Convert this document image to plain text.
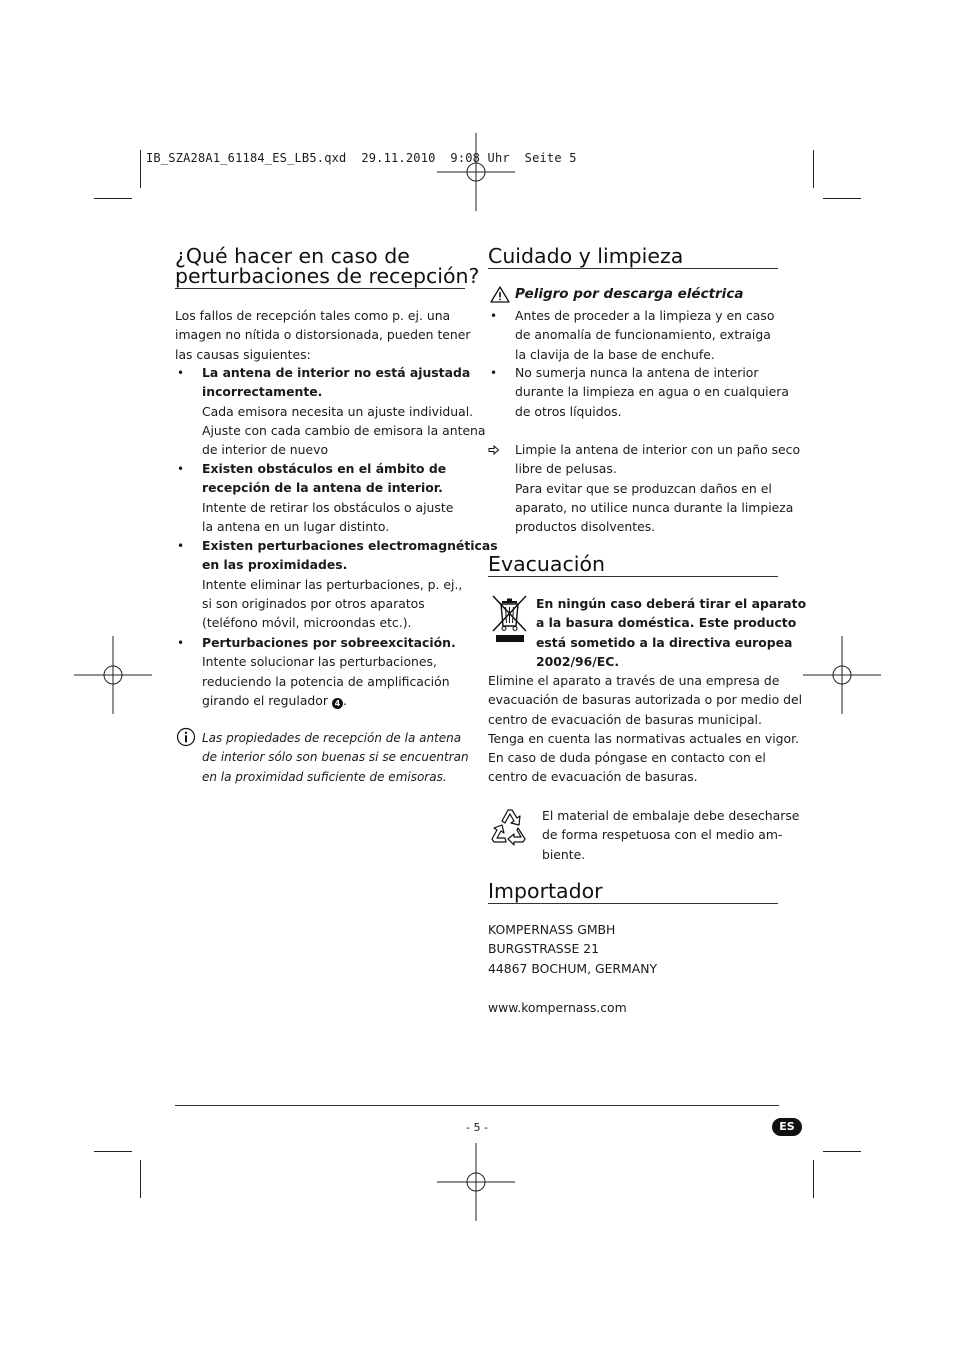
IB_SZA28A1_61184_ES_LB5.qxd  29.11.2010  9:08 Uhr  Seite 5
¿Qué hacer en caso de
perturbaciones de recepción?
Los fallos de recepción tales como p. ej. una
imagen no nítida o distorsionada, pueden tener
las causas siguientes:
• La antena de interior no está ajustada
incorrectamente.
Cada emisora necesita un ajuste individual.
Ajuste con cada cambio de emisora la antena
de interior de nuevo
• Existen obstáculos en el ámbito de
recepción de la antena de interior.
Intente de retirar los obstáculos o ajuste
la antena en un lugar distinto.
• Existen perturbaciones electromagnéticas
en las proximidades.
Intente eliminar las perturbaciones, p. ej.,
si son originados por otros aparatos
(teléfono móvil, microondas etc.).
• Perturbaciones por sobreexcitación.
Intente solucionar las perturbaciones,
reduciendo la potencia de amplificación
girando el regulador 4 .
Las propiedades de recepción de la antena
de interior sólo son buenas si se encuentran
en la proximidad suficiente de emisoras.
Cuidado y limpieza
Peligro por descarga eléctrica
• Antes de proceder a la limpieza y en caso
de anomalía de funcionamiento, extraiga
la clavija de la base de enchufe.
• No sumerja nunca la antena de interior
durante la limpieza en agua o en cualquiera
de otros líquidos.
Limpie la antena de interior con un paño seco
libre de pelusas.
Para evitar que se produzcan daños en el
aparato, no utilice nunca durante la limpieza
productos disolventes.
Evacuación
En ningún caso deberá tirar el aparato
a la basura doméstica. Este producto
está sometido a la directiva europea
2002/96/EC.
Elimine el aparato a través de una empresa de
evacuación de basuras autorizada o por medio del
centro de evacuación de basuras municipal.
Tenga en cuenta las normativas actuales en vigor.
En caso de duda póngase en contacto con el
centro de evacuación de basuras.
El material de embalaje debe desecharse
de forma respetuosa con el medio am-
biente.
Importador
KOMPERNASS GMBH
BURGSTRASSE 21
44867 BOCHUM, GERMANY
www.kompernass.com
- 5 -	ES
